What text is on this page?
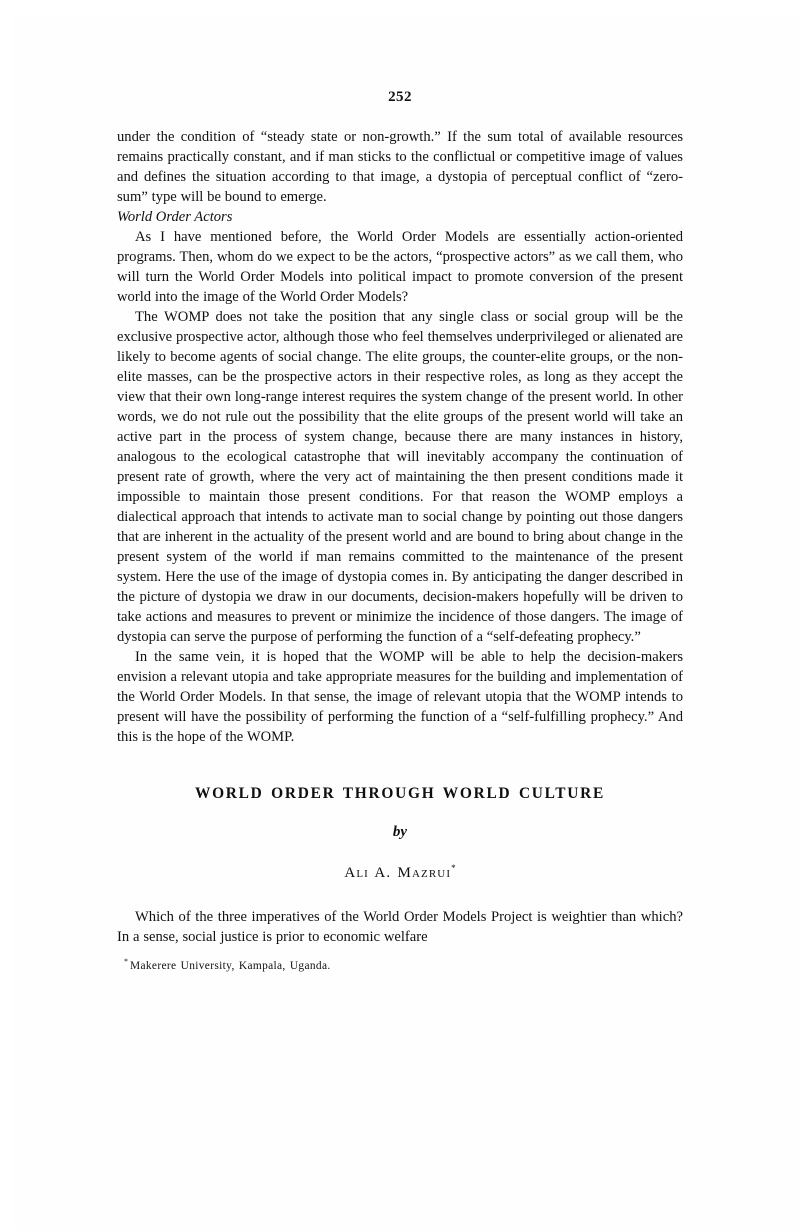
252

under the condition of “steady state or non-growth.” If the sum total of available resources remains practically constant, and if man sticks to the conflictual or competitive image of values and defines the situation according to that image, a dystopia of perceptual conflict of “zero-sum” type will be bound to emerge.

World Order Actors

As I have mentioned before, the World Order Models are essentially action-oriented programs. Then, whom do we expect to be the actors, “prospective actors” as we call them, who will turn the World Order Models into political impact to promote conversion of the present world into the image of the World Order Models?

The WOMP does not take the position that any single class or social group will be the exclusive prospective actor, although those who feel themselves underprivileged or alienated are likely to become agents of social change. The elite groups, the counter-elite groups, or the non-elite masses, can be the prospective actors in their respective roles, as long as they accept the view that their own long-range interest requires the system change of the present world. In other words, we do not rule out the possibility that the elite groups of the present world will take an active part in the process of system change, because there are many instances in history, analogous to the ecological catastrophe that will inevitably accompany the continuation of present rate of growth, where the very act of maintaining the then present conditions made it impossible to maintain those present conditions. For that reason the WOMP employs a dialectical approach that intends to activate man to social change by pointing out those dangers that are inherent in the actuality of the present world and are bound to bring about change in the present system of the world if man remains committed to the maintenance of the present system. Here the use of the image of dystopia comes in. By anticipating the danger described in the picture of dystopia we draw in our documents, decision-makers hopefully will be driven to take actions and measures to prevent or minimize the incidence of those dangers. The image of dystopia can serve the purpose of performing the function of a “self-defeating prophecy.”

In the same vein, it is hoped that the WOMP will be able to help the decision-makers envision a relevant utopia and take appropriate measures for the building and implementation of the World Order Models. In that sense, the image of relevant utopia that the WOMP intends to present will have the possibility of performing the function of a “self-fulfilling prophecy.” And this is the hope of the WOMP.

WORLD ORDER THROUGH WORLD CULTURE

by

Ali A. Mazrui*

Which of the three imperatives of the World Order Models Project is weightier than which? In a sense, social justice is prior to economic welfare

* Makerere University, Kampala, Uganda.
